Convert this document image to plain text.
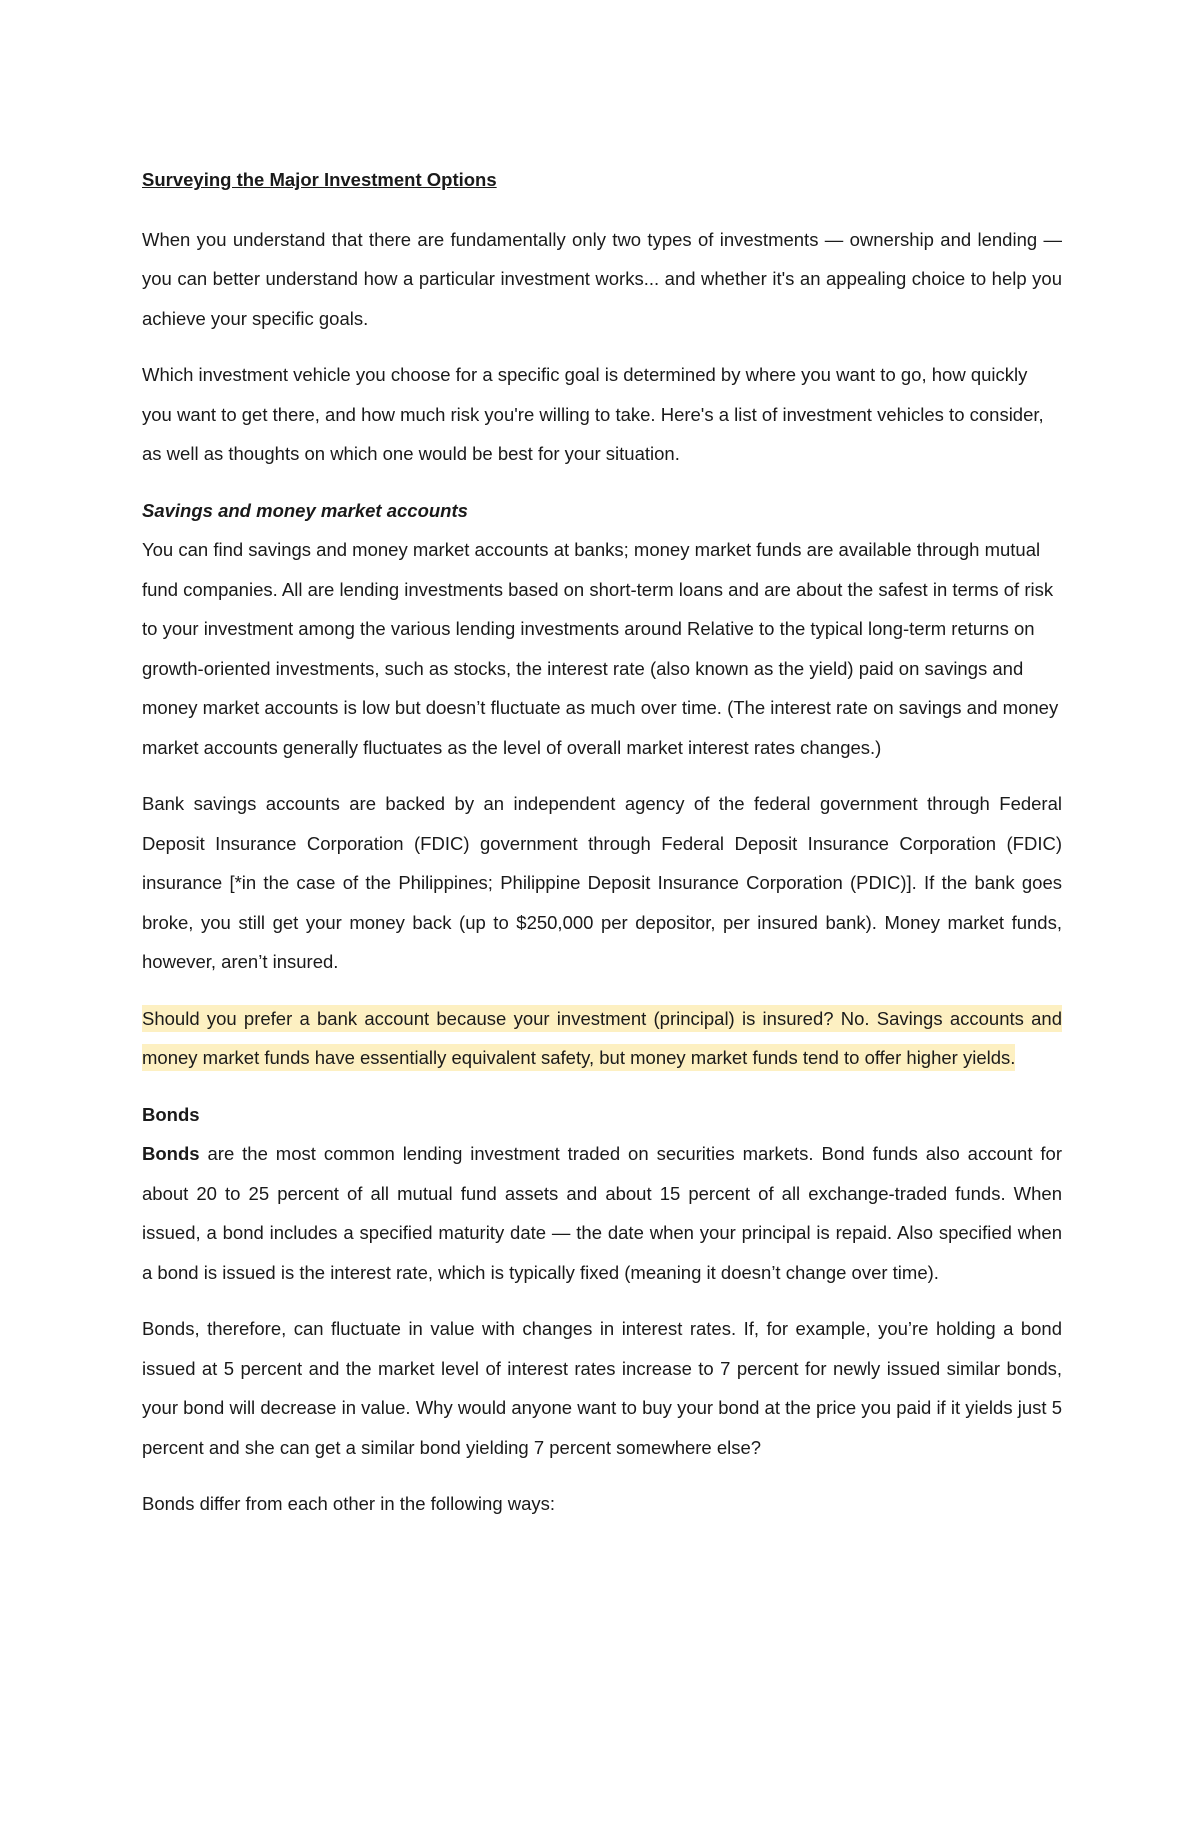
Surveying the Major Investment Options

When you understand that there are fundamentally only two types of investments — ownership and lending — you can better understand how a particular investment works... and whether it's an appealing choice to help you achieve your specific goals.

Which investment vehicle you choose for a specific goal is determined by where you want to go, how quickly you want to get there, and how much risk you're willing to take. Here's a list of investment vehicles to consider, as well as thoughts on which one would be best for your situation.

Savings and money market accounts

You can find savings and money market accounts at banks; money market funds are available through mutual fund companies. All are lending investments based on short-term loans and are about the safest in terms of risk to your investment among the various lending investments around Relative to the typical long-term returns on growth-oriented investments, such as stocks, the interest rate (also known as the yield) paid on savings and money market accounts is low but doesn’t fluctuate as much over time. (The interest rate on savings and money market accounts generally fluctuates as the level of overall market interest rates changes.)

Bank savings accounts are backed by an independent agency of the federal government through Federal Deposit Insurance Corporation (FDIC) government through Federal Deposit Insurance Corporation (FDIC) insurance [*in the case of the Philippines; Philippine Deposit Insurance Corporation (PDIC)]. If the bank goes broke, you still get your money back (up to $250,000 per depositor, per insured bank). Money market funds, however, aren’t insured.

Should you prefer a bank account because your investment (principal) is insured? No. Savings accounts and money market funds have essentially equivalent safety, but money market funds tend to offer higher yields.

Bonds

Bonds are the most common lending investment traded on securities markets. Bond funds also account for about 20 to 25 percent of all mutual fund assets and about 15 percent of all exchange-traded funds. When issued, a bond includes a specified maturity date — the date when your principal is repaid. Also specified when a bond is issued is the interest rate, which is typically fixed (meaning it doesn’t change over time).

Bonds, therefore, can fluctuate in value with changes in interest rates. If, for example, you’re holding a bond issued at 5 percent and the market level of interest rates increase to 7 percent for newly issued similar bonds, your bond will decrease in value. Why would anyone want to buy your bond at the price you paid if it yields just 5 percent and she can get a similar bond yielding 7 percent somewhere else?

Bonds differ from each other in the following ways:
